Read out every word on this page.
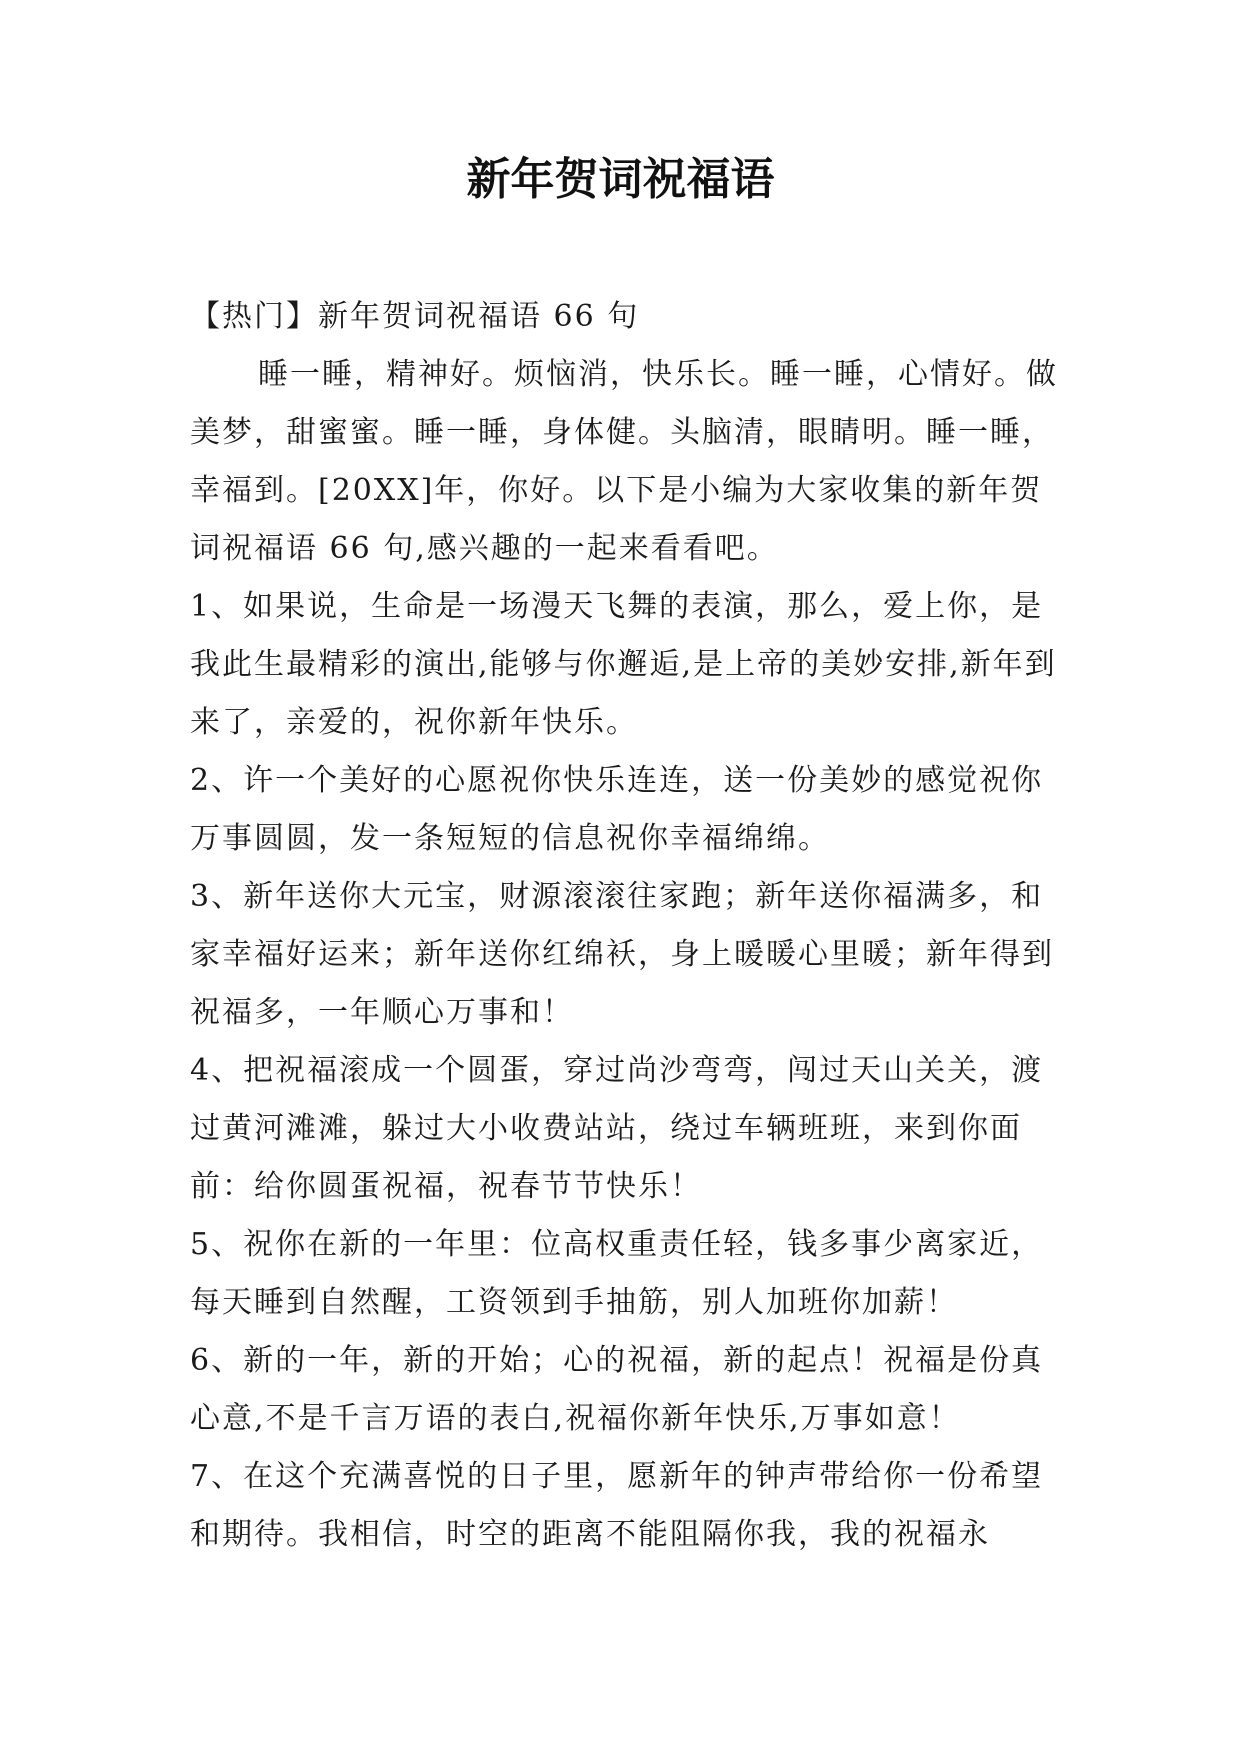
新年贺词祝福语

【热门】新年贺词祝福语 66 句

睡一睡，精神好。烦恼消，快乐长。睡一睡，心情好。做美梦，甜蜜蜜。睡一睡，身体健。头脑清，眼睛明。睡一睡，幸福到。[20XX]年，你好。以下是小编为大家收集的新年贺词祝福语 66 句,感兴趣的一起来看看吧。

1、如果说，生命是一场漫天飞舞的表演，那么，爱上你，是我此生最精彩的演出,能够与你邂逅,是上帝的美妙安排,新年到来了，亲爱的，祝你新年快乐。

2、许一个美好的心愿祝你快乐连连，送一份美妙的感觉祝你万事圆圆，发一条短短的信息祝你幸福绵绵。

3、新年送你大元宝，财源滚滚往家跑；新年送你福满多，和家幸福好运来；新年送你红绵袄，身上暖暖心里暖；新年得到祝福多，一年顺心万事和！

4、把祝福滚成一个圆蛋，穿过尚沙弯弯，闯过天山关关，渡过黄河滩滩，躲过大小收费站站，绕过车辆班班，来到你面前：给你圆蛋祝福，祝春节节快乐！

5、祝你在新的一年里：位高权重责任轻，钱多事少离家近，每天睡到自然醒，工资领到手抽筋，别人加班你加薪！

6、新的一年，新的开始；心的祝福，新的起点！祝福是份真心意,不是千言万语的表白,祝福你新年快乐,万事如意！

7、在这个充满喜悦的日子里，愿新年的钟声带给你一份希望和期待。我相信，时空的距离不能阻隔你我，我的祝福永
